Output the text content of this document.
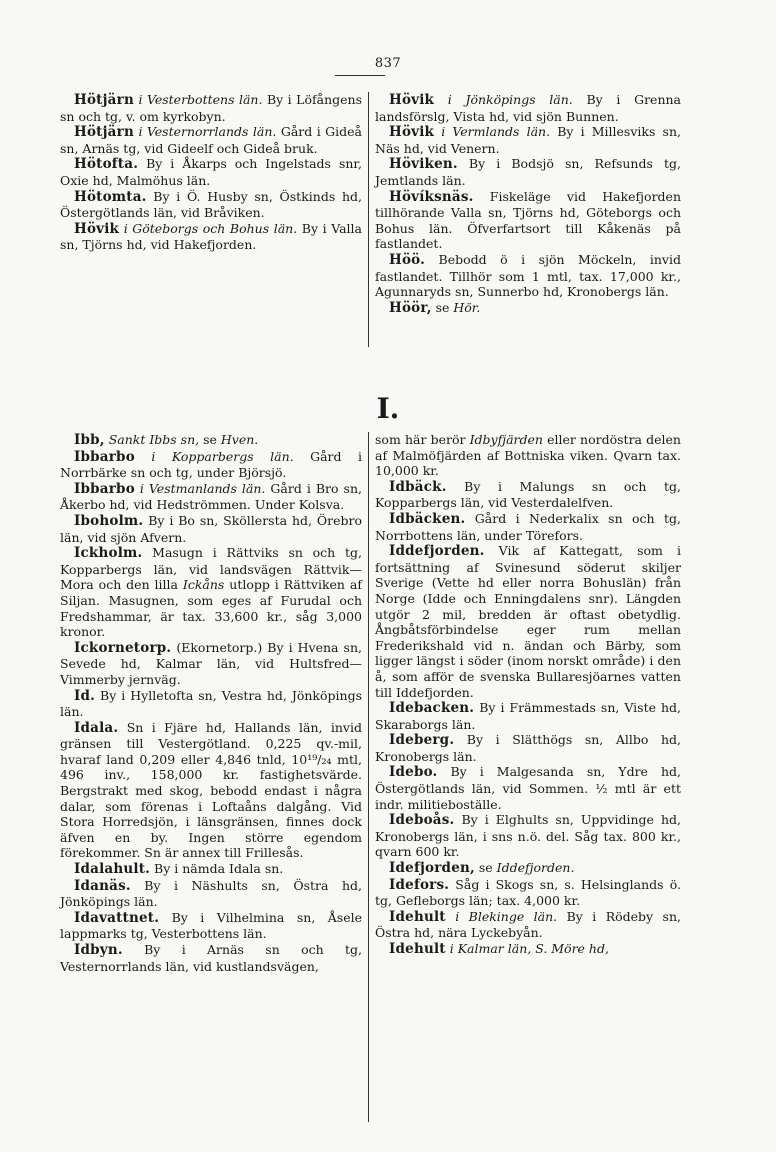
837

Hötjärn i Vesterbottens län. By i Löfångens sn och tg, v. om kyrkobyn.

Hötjärn i Vesternorrlands län. Gård i Gideå sn, Arnäs tg, vid Gideelf och Gideå bruk.

Hötofta. By i Åkarps och Ingelstads snr, Oxie hd, Malmöhus län.

Hötomta. By i Ö. Husby sn, Östkinds hd, Östergötlands län, vid Bråviken.

Hövik i Göteborgs och Bohus län. By i Valla sn, Tjörns hd, vid Hakefjorden.

Hövik i Jönköpings län. By i Grenna landsförslg, Vista hd, vid sjön Bunnen.

Hövik i Vermlands län. By i Millesviks sn, Näs hd, vid Venern.

Höviken. By i Bodsjö sn, Refsunds tg, Jemtlands län.

Hövíksnäs. Fiskeläge vid Hakefjorden tillhörande Valla sn, Tjörns hd, Göteborgs och Bohus län. Öfverfartsort till Kåkenäs på fastlandet.

Höö. Bebodd ö i sjön Möckeln, invid fastlandet. Tillhör som 1 mtl, tax. 17,000 kr., Agunnaryds sn, Sunnerbo hd, Kronobergs län.

Höör, se Hör.

I.

Ibb, Sankt Ibbs sn, se Hven.

Ibbarbo i Kopparbergs län. Gård i Norrbärke sn och tg, under Björsjö.

Ibbarbo i Vestmanlands län. Gård i Bro sn, Åkerbo hd, vid Hedströmmen. Under Kolsva.

Iboholm. By i Bo sn, Sköllersta hd, Örebro län, vid sjön Afvern.

Ickholm. Masugn i Rättviks sn och tg, Kopparbergs län, vid landsvägen Rättvik—Mora och den lilla Ickåns utlopp i Rättviken af Siljan. Masugnen, som eges af Furudal och Fredshammar, är tax. 33,600 kr., såg 3,000 kronor.

Ickornetorp. (Ekornetorp.) By i Hvena sn, Sevede hd, Kalmar län, vid Hultsfred—Vimmerby jernväg.

Id. By i Hylletofta sn, Vestra hd, Jönköpings län.

Idala. Sn i Fjäre hd, Hallands län, invid gränsen till Vestergötland. 0,225 qv.-mil, hvaraf land 0,209 eller 4,846 tnld, 10¹⁹/₂₄ mtl, 496 inv., 158,000 kr. fastighetsvärde. Bergstrakt med skog, bebodd endast i några dalar, som förenas i Loftaåns dalgång. Vid Stora Horredsjön, i länsgränsen, finnes dock äfven en by. Ingen större egendom förekommer. Sn är annex till Frillesås.

Idalahult. By i nämda Idala sn.

Idanäs. By i Näshults sn, Östra hd, Jönköpings län.

Idavattnet. By i Vilhelmina sn, Åsele lappmarks tg, Vesterbottens län.

Idbyn. By i Arnäs sn och tg, Vesternorrlands län, vid kustlandsvägen,

som här berör Idbyfjärden eller nordöstra delen af Malmöfjärden af Bottniska viken. Qvarn tax. 10,000 kr.

Idbäck. By i Malungs sn och tg, Kopparbergs län, vid Vesterdalelfven.

Idbäcken. Gård i Nederkalix sn och tg, Norrbottens län, under Törefors.

Iddefjorden. Vik af Kattegatt, som i fortsättning af Svinesund söderut skiljer Sverige (Vette hd eller norra Bohuslän) från Norge (Idde och Enningdalens snr). Längden utgör 2 mil, bredden är oftast obetydlig. Ångbåtsförbindelse eger rum mellan Frederikshald vid n. ändan och Bärby, som ligger längst i söder (inom norskt område) i den å, som afför de svenska Bullaresjöarnes vatten till Iddefjorden.

Idebacken. By i Främmestads sn, Viste hd, Skaraborgs län.

Ideberg. By i Slätthögs sn, Allbo hd, Kronobergs län.

Idebo. By i Malgesanda sn, Ydre hd, Östergötlands län, vid Sommen. ½ mtl är ett indr. militieboställe.

Ideboås. By i Elghults sn, Uppvidinge hd, Kronobergs län, i sns n.ö. del. Såg tax. 800 kr., qvarn 600 kr.

Idefjorden, se Iddefjorden.

Idefors. Såg i Skogs sn, s. Helsinglands ö. tg, Gefleborgs län; tax. 4,000 kr.

Idehult i Blekinge län. By i Rödeby sn, Östra hd, nära Lyckebyån.

Idehult i Kalmar län, S. Möre hd,
